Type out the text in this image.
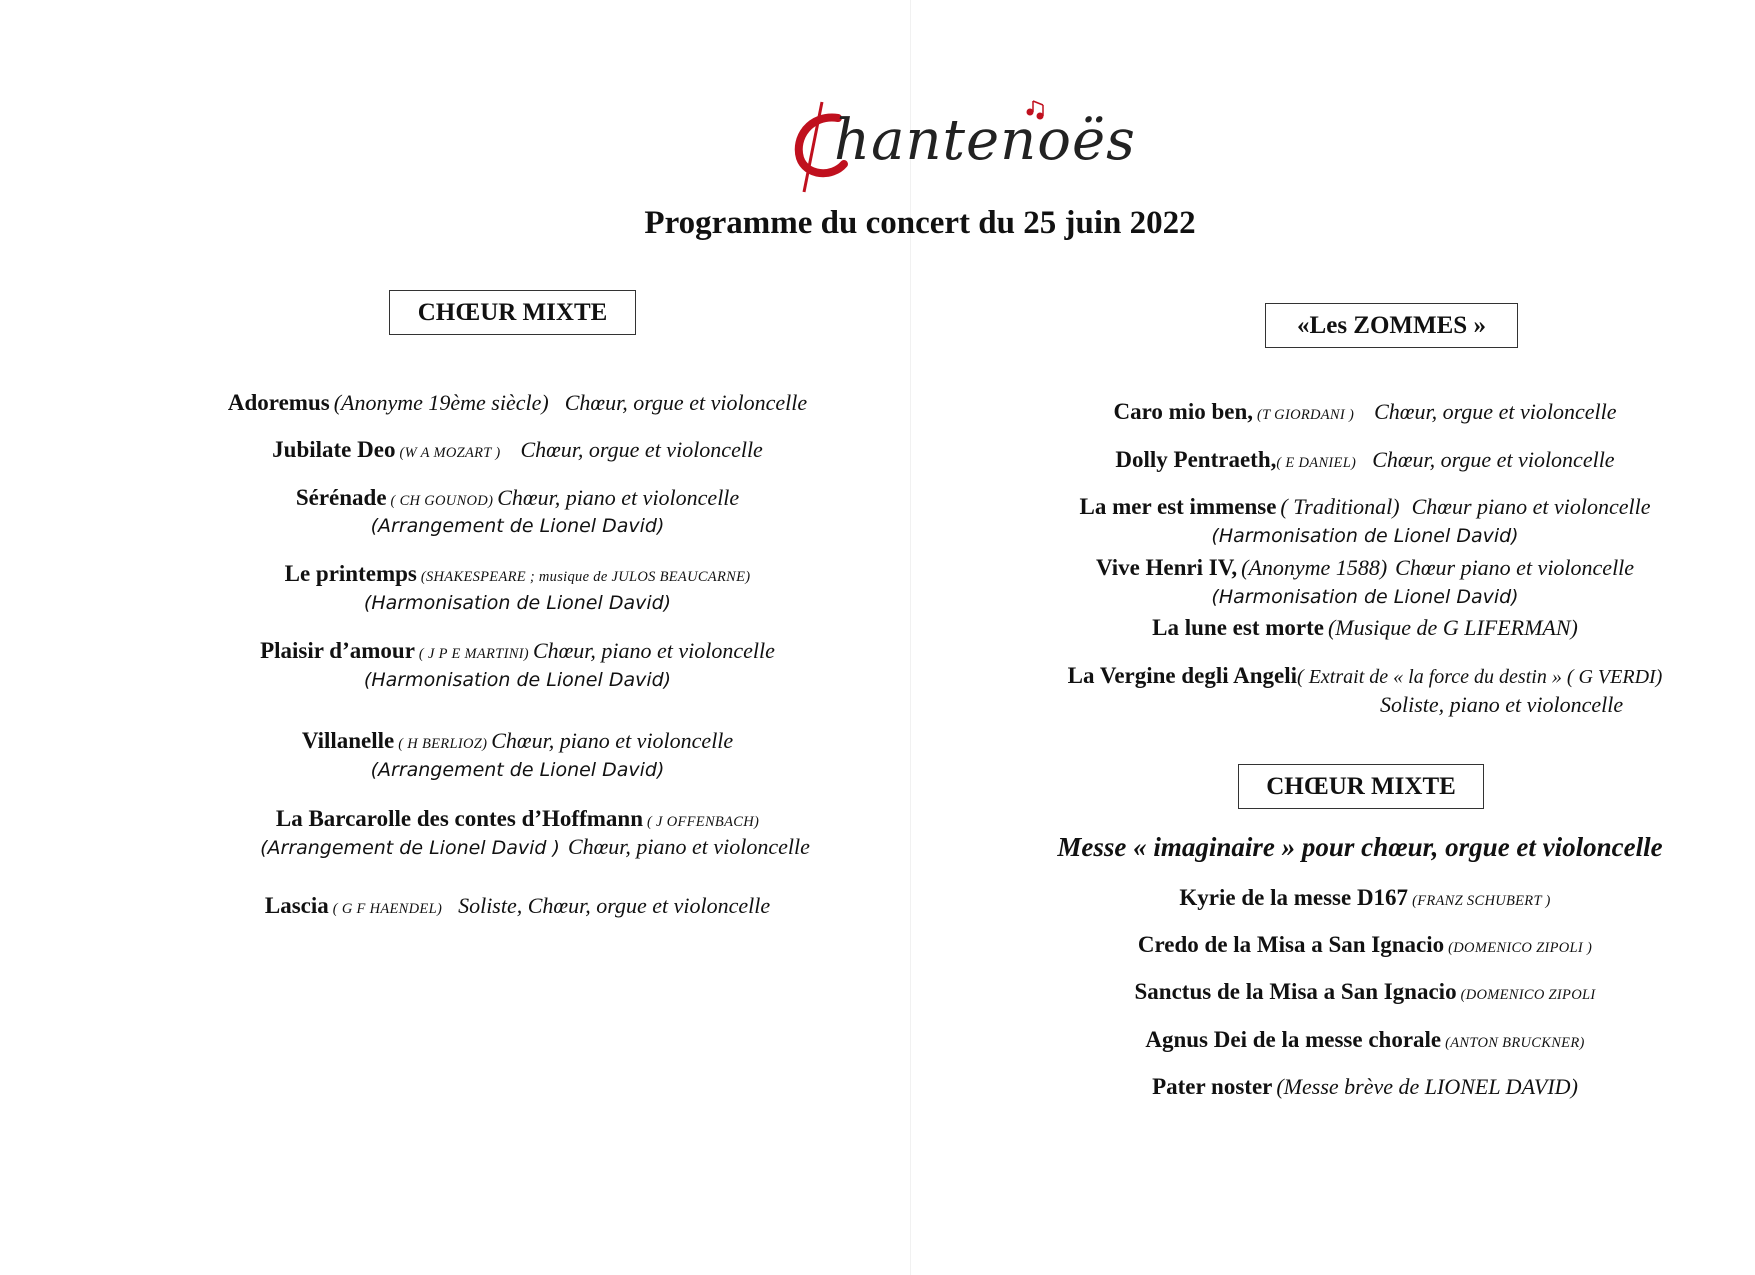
hantenoës
Programme du concert du 25 juin 2022
CHŒUR MIXTE
Adoremus (Anonyme 19ème siècle) Chœur, orgue et violoncelle
Jubilate Deo (W A MOZART ) Chœur, orgue et violoncelle
Sérénade ( CH GOUNOD) Chœur, piano et violoncelle
(Arrangement de Lionel David)
Le printemps (SHAKESPEARE ; musique de JULOS BEAUCARNE)
(Harmonisation de Lionel David)
Plaisir d’amour ( J P E MARTINI) Chœur, piano et violoncelle
(Harmonisation de Lionel David)
Villanelle ( H BERLIOZ) Chœur, piano et violoncelle
(Arrangement de Lionel David)
La Barcarolle des contes d’Hoffmann ( J OFFENBACH)
(Arrangement de Lionel David ) Chœur, piano et violoncelle
Lascia ( G F HAENDEL) Soliste, Chœur, orgue et violoncelle
«Les ZOMMES »
Caro mio ben, (T GIORDANI ) Chœur, orgue et violoncelle
Dolly Pentraeth,( E DANIEL) Chœur, orgue et violoncelle
La mer est immense ( Traditional) Chœur piano et violoncelle
(Harmonisation de Lionel David)
Vive Henri IV, (Anonyme 1588) Chœur piano et violoncelle
(Harmonisation de Lionel David)
La lune est morte (Musique de G LIFERMAN)
La Vergine degli Angeli( Extrait de « la force du destin » ( G VERDI)
Soliste, piano et violoncelle
CHŒUR MIXTE
Messe « imaginaire » pour chœur, orgue et violoncelle
Kyrie de la messe D167 (FRANZ SCHUBERT )
Credo de la Misa a San Ignacio (DOMENICO ZIPOLI )
Sanctus de la Misa a San Ignacio (DOMENICO ZIPOLI
Agnus Dei de la messe chorale (ANTON BRUCKNER)
Pater noster (Messe brève de LIONEL DAVID)
